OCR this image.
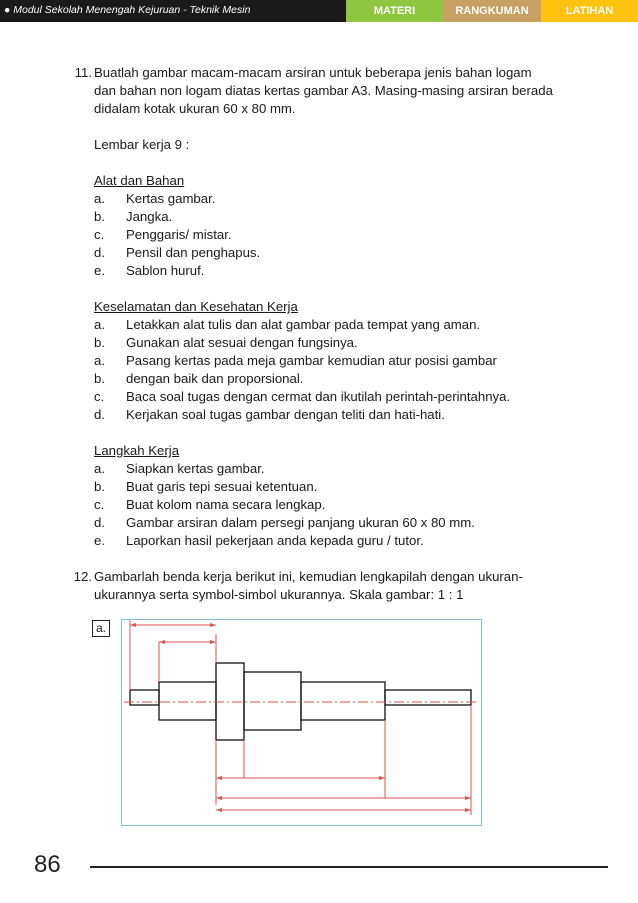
● Modul Sekolah Menengah Kejuruan - Teknik Mesin	MATERI	RANGKUMAN	LATIHAN
11. Buatlah gambar macam-macam arsiran untuk beberapa jenis bahan logam
dan bahan non logam diatas kertas gambar A3. Masing-masing arsiran berada
didalam kotak ukuran 60 x 80 mm.
Lembar kerja 9 :
Alat dan Bahan
a. Kertas gambar.
b. Jangka.
c. Penggaris/ mistar.
d. Pensil dan penghapus.
e. Sablon huruf.
Keselamatan dan Kesehatan Kerja
a. Letakkan alat tulis dan alat gambar pada tempat yang aman.
b. Gunakan alat sesuai dengan fungsinya.
a. Pasang kertas pada meja gambar kemudian atur posisi gambar
b. dengan baik dan proporsional.
c. Baca soal tugas dengan cermat dan ikutilah perintah-perintahnya.
d. Kerjakan soal tugas gambar dengan teliti dan hati-hati.
Langkah Kerja
a. Siapkan kertas gambar.
b. Buat garis tepi sesuai ketentuan.
c. Buat kolom nama secara lengkap.
d. Gambar arsiran dalam persegi panjang ukuran 60 x 80 mm.
e. Laporkan hasil pekerjaan anda kepada guru / tutor.
12. Gambarlah benda kerja berikut ini, kemudian lengkapilah dengan ukuran-
ukurannya serta symbol-simbol ukurannya. Skala gambar: 1 : 1
a.
86
